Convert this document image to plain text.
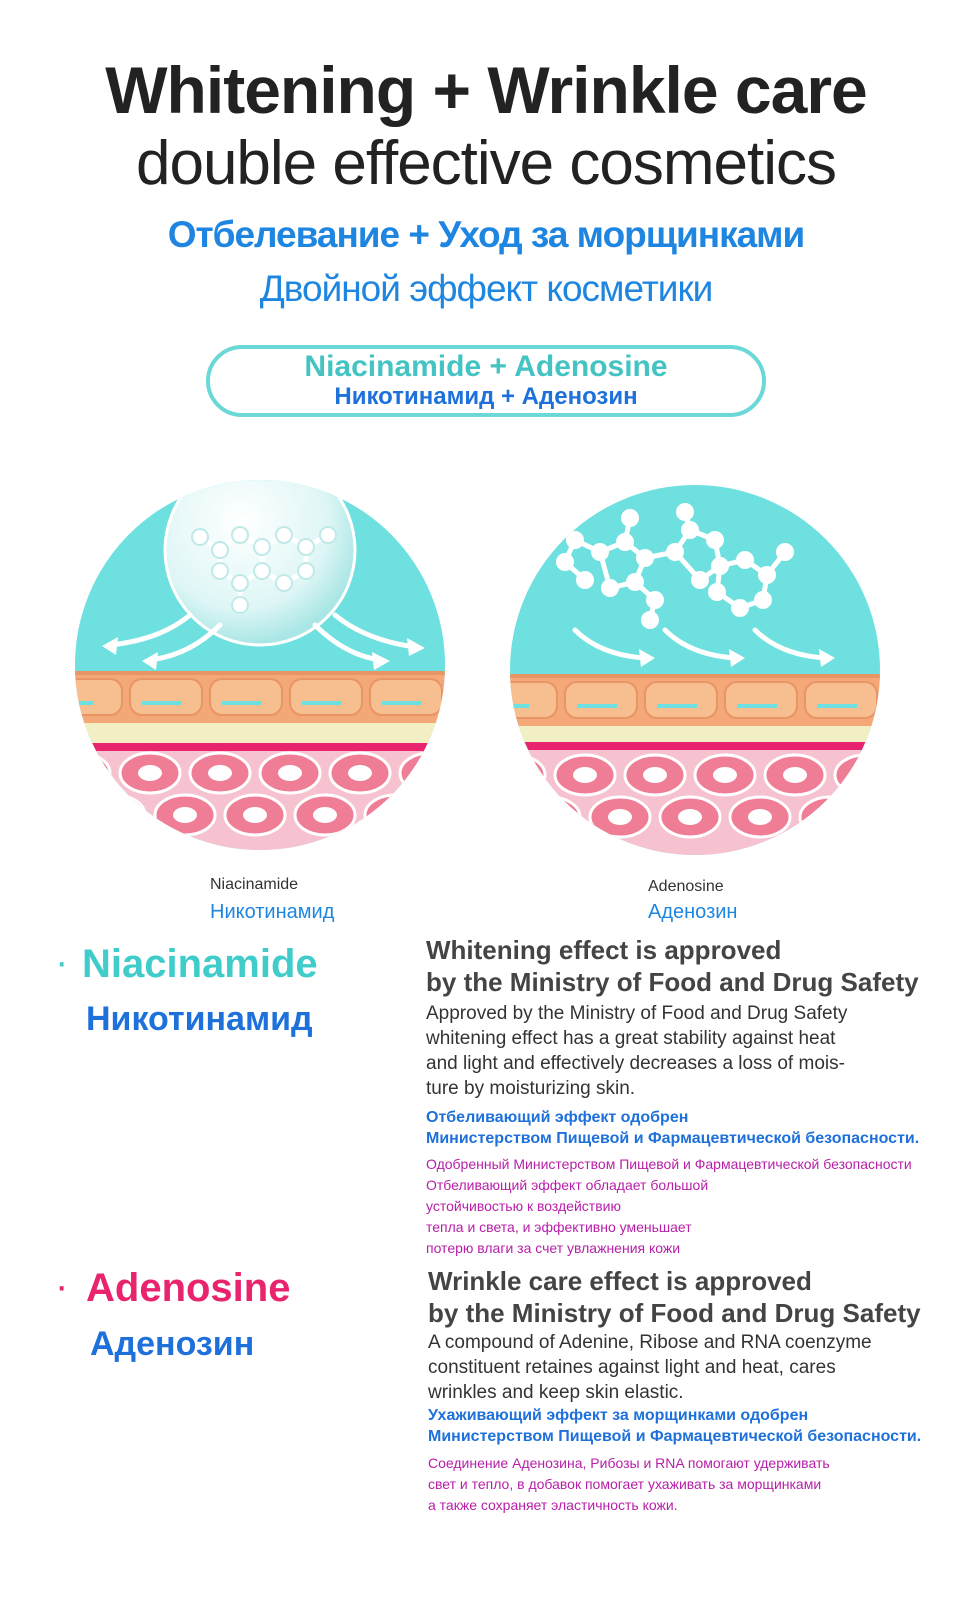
Whitening + Wrinkle care
double effective cosmetics
Отбелевание + Уход за морщинками
Двойной эффект косметики
Niacinamide + Adenosine
Никотинамид + Аденозин
Niacinamide
Никотинамид
Adenosine
Аденозин
· Niacinamide
Никотинамид
Whitening effect is approved
by the Ministry of Food and Drug Safety
Approved by the Ministry of Food and Drug Safety
whitening effect has a great stability against heat
and light and effectively decreases a loss of mois-
ture by moisturizing skin.
Отбеливающий эффект одобрен
Министерством Пищевой и Фармацевтической безопасности.
Одобренный Министерством Пищевой и Фармацевтической безопасности
Отбеливающий эффект обладает большой
устойчивостью к воздействию
тепла и света, и эффективно уменьшает
потерю влаги за счет увлажнения кожи
· Adenosine
Аденозин
Wrinkle care effect is approved
by the Ministry of Food and Drug Safety
A compound of Adenine, Ribose and RNA coenzyme
constituent retaines against light and heat, cares
wrinkles and keep skin elastic.
Ухаживающий эффект за морщинками одобрен
Министерством Пищевой и Фармацевтической безопасности.
Соединение Аденозина, Рибозы и RNA помогают удерживать
свет и тепло, в добавок помогает ухаживать за морщинками
а также сохраняет эластичность кожи.
